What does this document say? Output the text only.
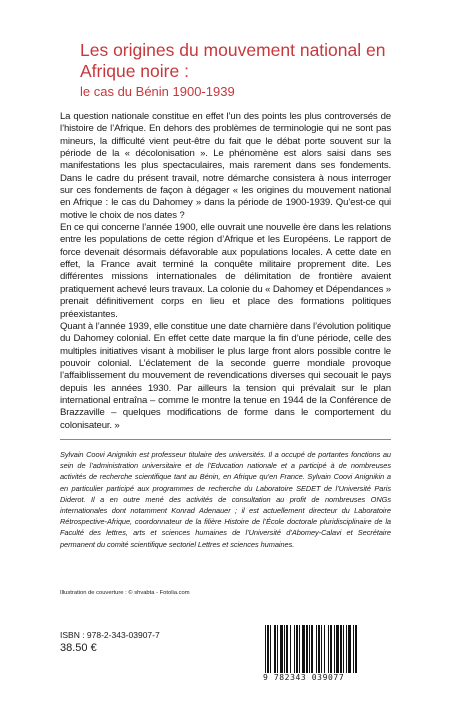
Les origines du mouvement national en Afrique noire :
le cas du Bénin 1900-1939

La question nationale constitue en effet l’un des points les plus controversés de l’histoire de l’Afrique. En dehors des problèmes de terminologie qui ne sont pas mineurs, la difficulté vient peut-être du fait que le débat porte souvent sur la période de la « décolonisation ». Le phénomène est alors saisi dans ses manifestations les plus spectaculaires, mais rarement dans ses fondements. Dans le cadre du présent travail, notre démarche consistera à nous interroger sur ces fondements de façon à dégager « les origines du mouvement national en Afrique : le cas du Dahomey » dans la période de 1900-1939. Qu’est-ce qui motive le choix de nos dates ?

En ce qui concerne l’année 1900, elle ouvrait une nouvelle ère dans les relations entre les populations de cette région d’Afrique et les Européens. Le rapport de force devenait désormais défavorable aux populations locales. A cette date en effet, la France avait terminé la conquête militaire proprement dite. Les différentes missions internationales de délimitation de frontière avaient pratiquement achevé leurs travaux. La colonie du « Dahomey et Dépendances » prenait définitivement corps en lieu et place des formations politiques préexistantes.

Quant à l’année 1939, elle constitue une date charnière dans l’évolution politique du Dahomey colonial. En effet cette date marque la fin d’une période, celle des multiples initiatives visant à mobiliser le plus large front alors possible contre le pouvoir colonial. L’éclatement de la seconde guerre mondiale provoque l’affaiblissement du mouvement de revendications diverses qui secouait le pays depuis les années 1930. Par ailleurs la tension qui prévalait sur le plan international entraîna – comme le montre la tenue en 1944 de la Conférence de Brazzaville – quelques modifications de forme dans le comportement du colonisateur. »

Sylvain Coovi Anignikin est professeur titulaire des universités. Il a occupé de portantes fonctions au sein de l’administration universitaire et de l’Education nationale et a participé à de nombreuses activités de recherche scientifique tant au Bénin, en Afrique qu’en France. Sylvain Coovi Anignikin a en particulier participé aux programmes de recherche du Laboratoire SEDET de l’Université Paris Diderot. Il a en outre mené des activités de consultation au profit de nombreuses ONGs internationales dont notamment Konrad Adenauer ; il est actuellement directeur du Laboratoire Rétrospective-Afrique, coordonnateur de la filière Histoire de l’École doctorale pluridisciplinaire de la Faculté des lettres, arts et sciences humaines de l’Université d’Abomey-Calavi et Secrétaire permanent du comité scientifique sectoriel Lettres et sciences humaines.
Illustration de couverture : © shvabta - Fotolia.com
ISBN : 978-2-343-03907-7
38.50 €
9 782343 039077
